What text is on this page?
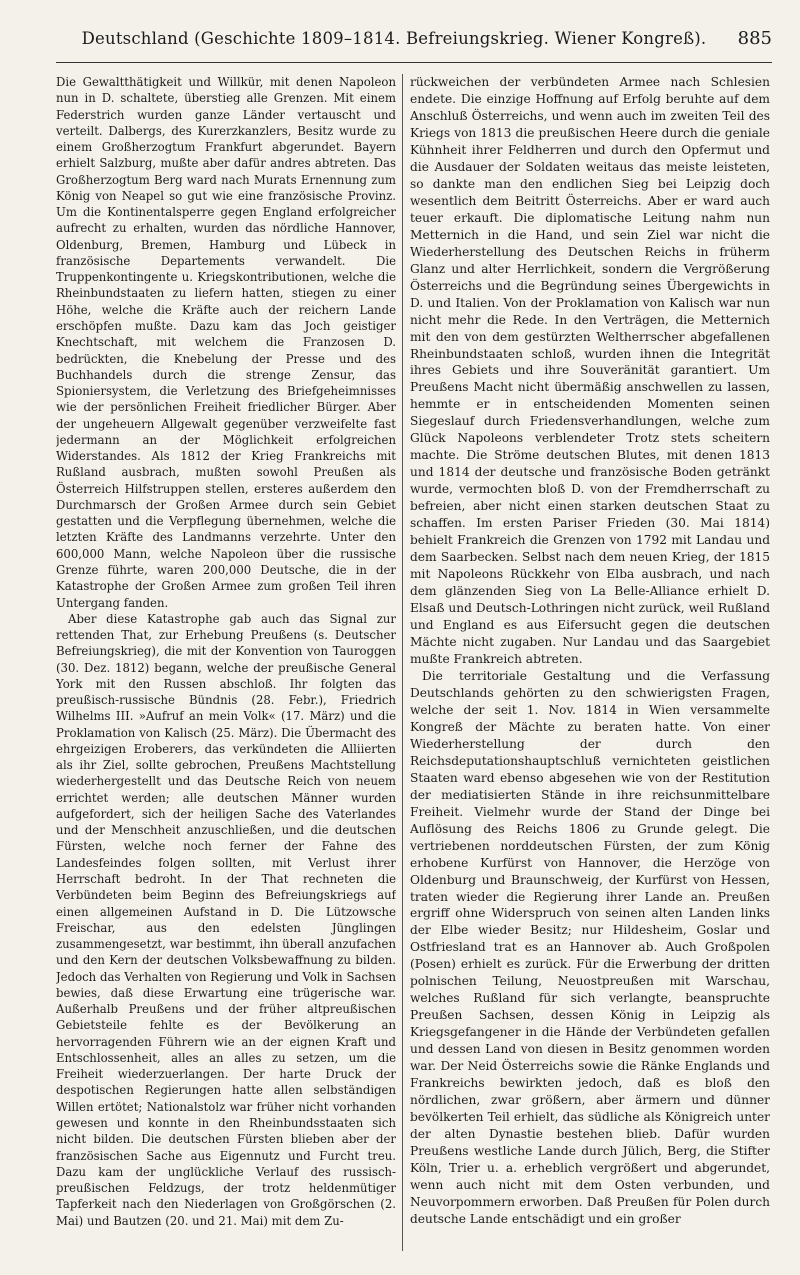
Deutschland (Geschichte 1809–1814. Befreiungskrieg. Wiener Kongreß).	885

Die Gewaltthätigkeit und Willkür, mit denen Napoleon nun in D. schaltete, überstieg alle Grenzen. Mit einem Federstrich wurden ganze Länder vertauscht und verteilt. Dalbergs, des Kurerzkanzlers, Besitz wurde zu einem Großherzogtum Frankfurt abgerundet. Bayern erhielt Salzburg, mußte aber dafür andres abtreten. Das Großherzogtum Berg ward nach Murats Ernennung zum König von Neapel so gut wie eine französische Provinz. Um die Kontinentalsperre gegen England erfolgreicher aufrecht zu erhalten, wurden das nördliche Hannover, Oldenburg, Bremen, Hamburg und Lübeck in französische Departements verwandelt. Die Truppenkontingente u. Kriegskontributionen, welche die Rheinbundstaaten zu liefern hatten, stiegen zu einer Höhe, welche die Kräfte auch der reichern Lande erschöpfen mußte. Dazu kam das Joch geistiger Knechtschaft, mit welchem die Franzosen D. bedrückten, die Knebelung der Presse und des Buchhandels durch die strenge Zensur, das Spioniersystem, die Verletzung des Briefgeheimnisses wie der persönlichen Freiheit friedlicher Bürger. Aber der ungeheuern Allgewalt gegenüber verzweifelte fast jedermann an der Möglichkeit erfolgreichen Widerstandes. Als 1812 der Krieg Frankreichs mit Rußland ausbrach, mußten sowohl Preußen als Österreich Hilfstruppen stellen, ersteres außerdem den Durchmarsch der Großen Armee durch sein Gebiet gestatten und die Verpflegung übernehmen, welche die letzten Kräfte des Landmanns verzehrte. Unter den 600,000 Mann, welche Napoleon über die russische Grenze führte, waren 200,000 Deutsche, die in der Katastrophe der Großen Armee zum großen Teil ihren Untergang fanden.

Aber diese Katastrophe gab auch das Signal zur rettenden That, zur Erhebung Preußens (s. Deutscher Befreiungskrieg), die mit der Konvention von Tauroggen (30. Dez. 1812) begann, welche der preußische General York mit den Russen abschloß. Ihr folgten das preußisch-russische Bündnis (28. Febr.), Friedrich Wilhelms III. »Aufruf an mein Volk« (17. März) und die Proklamation von Kalisch (25. März). Die Übermacht des ehrgeizigen Eroberers, das verkündeten die Alliierten als ihr Ziel, sollte gebrochen, Preußens Machtstellung wiederhergestellt und das Deutsche Reich von neuem errichtet werden; alle deutschen Männer wurden aufgefordert, sich der heiligen Sache des Vaterlandes und der Menschheit anzuschließen, und die deutschen Fürsten, welche noch ferner der Fahne des Landesfeindes folgen sollten, mit Verlust ihrer Herrschaft bedroht. In der That rechneten die Verbündeten beim Beginn des Befreiungskriegs auf einen allgemeinen Aufstand in D. Die Lützowsche Freischar, aus den edelsten Jünglingen zusammengesetzt, war bestimmt, ihn überall anzufachen und den Kern der deutschen Volksbewaffnung zu bilden. Jedoch das Verhalten von Regierung und Volk in Sachsen bewies, daß diese Erwartung eine trügerische war. Außerhalb Preußens und der früher altpreußischen Gebietsteile fehlte es der Bevölkerung an hervorragenden Führern wie an der eignen Kraft und Entschlossenheit, alles an alles zu setzen, um die Freiheit wiederzuerlangen. Der harte Druck der despotischen Regierungen hatte allen selbständigen Willen ertötet; Nationalstolz war früher nicht vorhanden gewesen und konnte in den Rheinbundsstaaten sich nicht bilden. Die deutschen Fürsten blieben aber der französischen Sache aus Eigennutz und Furcht treu. Dazu kam der unglückliche Verlauf des russisch-preußischen Feldzugs, der trotz heldenmütiger Tapferkeit nach den Niederlagen von Großgörschen (2. Mai) und Bautzen (20. und 21. Mai) mit dem Zu-

rückweichen der verbündeten Armee nach Schlesien endete. Die einzige Hoffnung auf Erfolg beruhte auf dem Anschluß Österreichs, und wenn auch im zweiten Teil des Kriegs von 1813 die preußischen Heere durch die geniale Kühnheit ihrer Feldherren und durch den Opfermut und die Ausdauer der Soldaten weitaus das meiste leisteten, so dankte man den endlichen Sieg bei Leipzig doch wesentlich dem Beitritt Österreichs. Aber er ward auch teuer erkauft. Die diplomatische Leitung nahm nun Metternich in die Hand, und sein Ziel war nicht die Wiederherstellung des Deutschen Reichs in früherm Glanz und alter Herrlichkeit, sondern die Vergrößerung Österreichs und die Begründung seines Übergewichts in D. und Italien. Von der Proklamation von Kalisch war nun nicht mehr die Rede. In den Verträgen, die Metternich mit den von dem gestürzten Weltherrscher abgefallenen Rheinbundstaaten schloß, wurden ihnen die Integrität ihres Gebiets und ihre Souveränität garantiert. Um Preußens Macht nicht übermäßig anschwellen zu lassen, hemmte er in entscheidenden Momenten seinen Siegeslauf durch Friedensverhandlungen, welche zum Glück Napoleons verblendeter Trotz stets scheitern machte. Die Ströme deutschen Blutes, mit denen 1813 und 1814 der deutsche und französische Boden getränkt wurde, vermochten bloß D. von der Fremdherrschaft zu befreien, aber nicht einen starken deutschen Staat zu schaffen. Im ersten Pariser Frieden (30. Mai 1814) behielt Frankreich die Grenzen von 1792 mit Landau und dem Saarbecken. Selbst nach dem neuen Krieg, der 1815 mit Napoleons Rückkehr von Elba ausbrach, und nach dem glänzenden Sieg von La Belle-Alliance erhielt D. Elsaß und Deutsch-Lothringen nicht zurück, weil Rußland und England es aus Eifersucht gegen die deutschen Mächte nicht zugaben. Nur Landau und das Saargebiet mußte Frankreich abtreten.

Die territoriale Gestaltung und die Verfassung Deutschlands gehörten zu den schwierigsten Fragen, welche der seit 1. Nov. 1814 in Wien versammelte Kongreß der Mächte zu beraten hatte. Von einer Wiederherstellung der durch den Reichsdeputationshauptschluß vernichteten geistlichen Staaten ward ebenso abgesehen wie von der Restitution der mediatisierten Stände in ihre reichsunmittelbare Freiheit. Vielmehr wurde der Stand der Dinge bei Auflösung des Reichs 1806 zu Grunde gelegt. Die vertriebenen norddeutschen Fürsten, der zum König erhobene Kurfürst von Hannover, die Herzöge von Oldenburg und Braunschweig, der Kurfürst von Hessen, traten wieder die Regierung ihrer Lande an. Preußen ergriff ohne Widerspruch von seinen alten Landen links der Elbe wieder Besitz; nur Hildesheim, Goslar und Ostfriesland trat es an Hannover ab. Auch Großpolen (Posen) erhielt es zurück. Für die Erwerbung der dritten polnischen Teilung, Neuostpreußen mit Warschau, welches Rußland für sich verlangte, beanspruchte Preußen Sachsen, dessen König in Leipzig als Kriegsgefangener in die Hände der Verbündeten gefallen und dessen Land von diesen in Besitz genommen worden war. Der Neid Österreichs sowie die Ränke Englands und Frankreichs bewirkten jedoch, daß es bloß den nördlichen, zwar größern, aber ärmern und dünner bevölkerten Teil erhielt, das südliche als Königreich unter der alten Dynastie bestehen blieb. Dafür wurden Preußens westliche Lande durch Jülich, Berg, die Stifter Köln, Trier u. a. erheblich vergrößert und abgerundet, wenn auch nicht mit dem Osten verbunden, und Neuvorpommern erworben. Daß Preußen für Polen durch deutsche Lande entschädigt und ein großer
